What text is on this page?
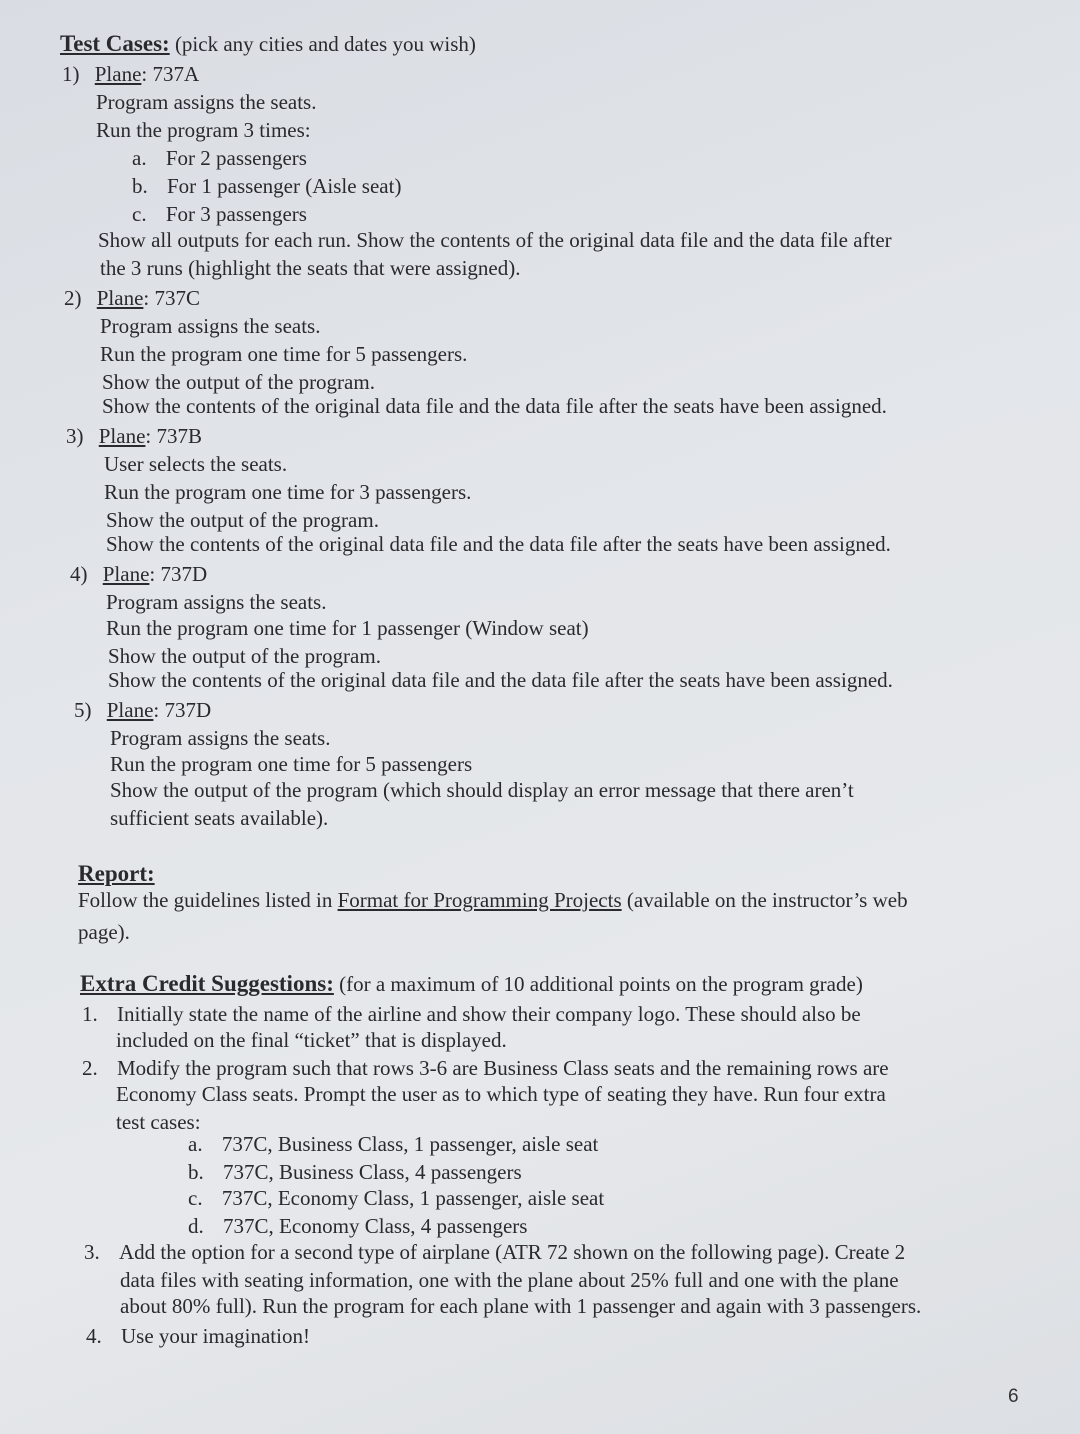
Test Cases: (pick any cities and dates you wish)
1) Plane: 737A
Program assigns the seats.
Run the program 3 times:
a. For 2 passengers
b. For 1 passenger (Aisle seat)
c. For 3 passengers
Show all outputs for each run. Show the contents of the original data file and the data file after
the 3 runs (highlight the seats that were assigned).
2) Plane: 737C
Program assigns the seats.
Run the program one time for 5 passengers.
Show the output of the program.
Show the contents of the original data file and the data file after the seats have been assigned.
3) Plane: 737B
User selects the seats.
Run the program one time for 3 passengers.
Show the output of the program.
Show the contents of the original data file and the data file after the seats have been assigned.
4) Plane: 737D
Program assigns the seats.
Run the program one time for 1 passenger (Window seat)
Show the output of the program.
Show the contents of the original data file and the data file after the seats have been assigned.
5) Plane: 737D
Program assigns the seats.
Run the program one time for 5 passengers
Show the output of the program (which should display an error message that there aren’t
sufficient seats available).
Report:
Follow the guidelines listed in Format for Programming Projects (available on the instructor’s web
page).
Extra Credit Suggestions: (for a maximum of 10 additional points on the program grade)
1. Initially state the name of the airline and show their company logo. These should also be
included on the final “ticket” that is displayed.
2. Modify the program such that rows 3-6 are Business Class seats and the remaining rows are
Economy Class seats. Prompt the user as to which type of seating they have. Run four extra
test cases:
a. 737C, Business Class, 1 passenger, aisle seat
b. 737C, Business Class, 4 passengers
c. 737C, Economy Class, 1 passenger, aisle seat
d. 737C, Economy Class, 4 passengers
3. Add the option for a second type of airplane (ATR 72 shown on the following page). Create 2
data files with seating information, one with the plane about 25% full and one with the plane
about 80% full). Run the program for each plane with 1 passenger and again with 3 passengers.
4. Use your imagination!
6
